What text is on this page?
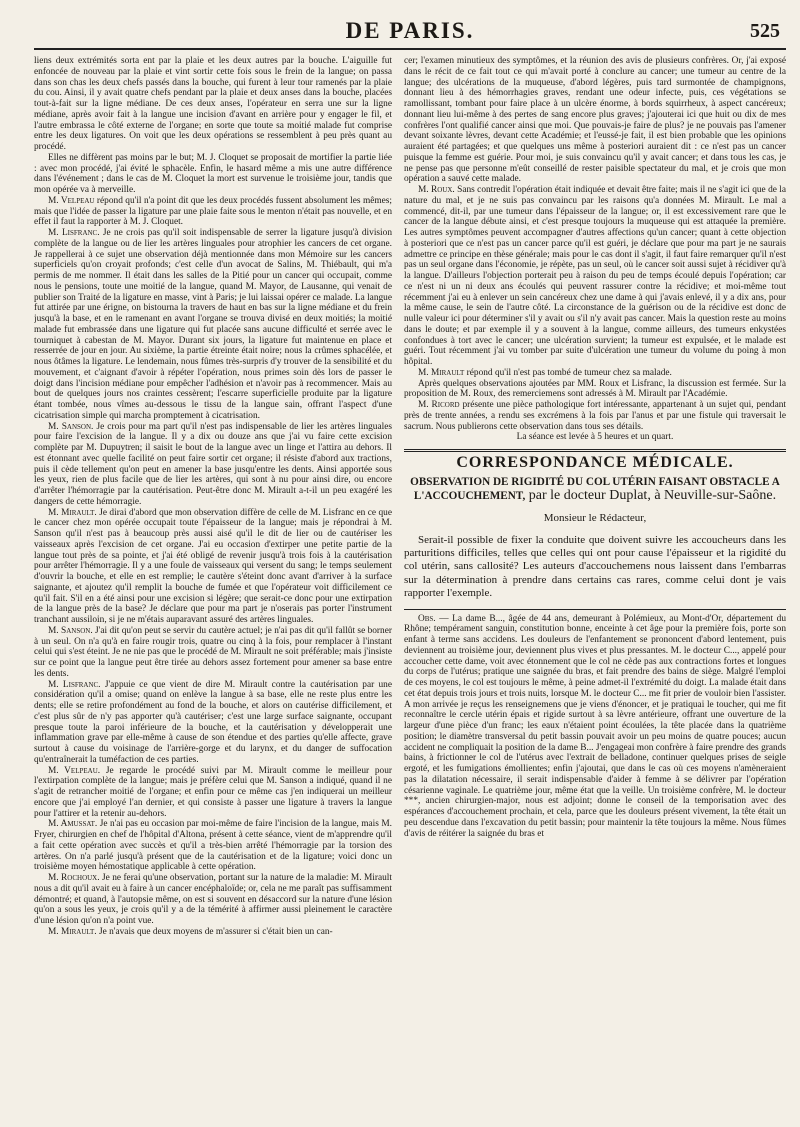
DE PARIS.	525

liens deux extrémités sorta ent par la plaie et les deux autres par la bouche. L'aiguille fut enfoncée de nouveau par la plaie et vint sortir cette fois sous le frein de la langue; on passa dans son chas les deux chefs passés dans la bouche, qui furent à leur tour ramenés par la plaie du cou. Ainsi, il y avait quatre chefs pendant par la plaie et deux anses dans la bouche, placées tout-à-fait sur la ligne médiane. De ces deux anses, l'opérateur en serra une sur la ligne médiane, après avoir fait à la langue une incision d'avant en arrière pour y engager le fil, et l'autre embrassa le côté externe de l'organe; en sorte que toute sa moitié malade fut comprise entre les deux ligatures. On voit que les deux opérations se ressemblent à peu près quant au procédé.

Elles ne diffèrent pas moins par le but; M. J. Cloquet se proposait de mortifier la partie liée : avec mon procédé, j'ai évité le sphacèle. Enfin, le hasard même a mis une autre différence dans l'événement ; dans le cas de M. Cloquet la mort est survenue le troisième jour, tandis que mon opérée va à merveille.

M. Velpeau répond qu'il n'a point dit que les deux procédés fussent absolument les mêmes; mais que l'idée de passer la ligature par une plaie faite sous le menton n'était pas nouvelle, et en effet il faut la rapporter à M. J. Cloquet.

M. Lisfranc. Je ne crois pas qu'il soit indispensable de serrer la ligature jusqu'à division complète de la langue ou de lier les artères linguales pour atrophier les cancers de cet organe. Je rappellerai à ce sujet une observation déjà mentionnée dans mon Mémoire sur les cancers superficiels qu'on croyait profonds; c'est celle d'un avocat de Salins, M. Thiébault, qui m'a permis de me nommer. Il était dans les salles de la Pitié pour un cancer qui occupait, comme nous le pensions, toute une moitié de la langue, quand M. Mayor, de Lausanne, qui venait de publier son Traité de la ligature en masse, vint à Paris; je lui laissai opérer ce malade. La langue fut attirée par une érigne, on bistourna la travers de haut en bas sur la ligne médiane et du frein jusqu'à la base, et en le ramenant en avant l'organe se trouva divisé en deux moitiés; la moitié malade fut embrassée dans une ligature qui fut placée sans aucune difficulté et serrée avec le tourniquet à cabestan de M. Mayor. Durant six jours, la ligature fut maintenue en place et resserrée de jour en jour. Au sixième, la partie étreinte était noire; nous la crûmes sphacélée, et nous ôtâmes la ligature. Le lendemain, nous fûmes très-surpris d'y trouver de la sensibilité et du mouvement, et c'aignant d'avoir à répéter l'opération, nous primes soin dès lors de passer le doigt dans l'incision médiane pour empêcher l'adhésion et n'avoir pas à recommencer. Mais au bout de quelques jours nos craintes cessèrent; l'escarre superficielle produite par la ligature étant tombée, nous vîmes au-dessous le tissu de la langue sain, offrant l'aspect d'une cicatrisation simple qui marcha promptement à cicatrisation.

M. Sanson. Je crois pour ma part qu'il n'est pas indispensable de lier les artères linguales pour faire l'excision de la langue. Il y a dix ou douze ans que j'ai vu faire cette excision complète par M. Dupuytren; il saisit le bout de la langue avec un linge et l'attira au dehors. Il est étonnant avec quelle facilité on peut faire sortir cet organe; il résiste d'abord aux tractions, puis il cède tellement qu'on peut en amener la base jusqu'entre les dents. Ainsi apportée sous les yeux, rien de plus facile que de lier les artères, qui sont à nu pour ainsi dire, ou encore d'arrêter l'hémorragie par la cautérisation. Peut-être donc M. Mirault a-t-il un peu exagéré les dangers de cette hémorragie.

M. Mirault. Je dirai d'abord que mon observation diffère de celle de M. Lisfranc en ce que le cancer chez mon opérée occupait toute l'épaisseur de la langue; mais je répondrai à M. Sanson qu'il n'est pas à beaucoup près aussi aisé qu'il le dit de lier ou de cautériser les vaisseaux après l'excision de cet organe. J'ai eu occasion d'extirper une petite partie de la langue tout près de sa pointe, et j'ai été obligé de revenir jusqu'à trois fois à la cautérisation pour arrêter l'hémorragie. Il y a une foule de vaisseaux qui versent du sang; le temps seulement d'ouvrir la bouche, et elle en est remplie; le cautère s'éteint donc avant d'arriver à la surface saignante, et ajoutez qu'il remplit la bouche de fumée et que l'opérateur voit difficilement ce qu'il fait. S'il en a été ainsi pour une excision si légère; que serait-ce donc pour une extirpation de la langue près de la base? Je déclare que pour ma part je n'oserais pas porter l'instrument tranchant aussiloin, si je ne m'étais auparavant assuré des artères linguales.

M. Sanson. J'ai dit qu'on peut se servir du cautère actuel; je n'ai pas dit qu'il fallût se borner à un seul. On n'a qu'à en faire rougir trois, quatre ou cinq à la fois, pour remplacer à l'instant celui qui s'est éteint. Je ne nie pas que le procédé de M. Mirault ne soit préférable; mais j'insiste sur ce point que la langue peut être tirée au dehors assez fortement pour amener sa base entre les dents.

M. Lisfranc. J'appuie ce que vient de dire M. Mirault contre la cautérisation par une considération qu'il a omise; quand on enlève la langue à sa base, elle ne reste plus entre les dents; elle se retire profondément au fond de la bouche, et alors on cautérise difficilement, et c'est plus sûr de n'y pas apporter qu'à cautériser; c'est une large surface saignante, occupant presque toute la paroi inférieure de la bouche, et la cautérisation y développerait une inflammation grave par elle-même à cause de son étendue et des parties qu'elle affecte, grave surtout à cause du voisinage de l'arrière-gorge et du larynx, et du danger de suffocation qu'entraînerait la tuméfaction de ces parties.

M. Velpeau. Je regarde le procédé suivi par M. Mirault comme le meilleur pour l'extirpation complète de la langue; mais je préfère celui que M. Sanson a indiqué, quand il ne s'agit de retrancher moitié de l'organe; et enfin pour ce même cas j'en indiquerai un meilleur encore que j'ai employé l'an dernier, et qui consiste à passer une ligature à travers la langue pour l'attirer et la retenir au-dehors.

M. Amussat. Je n'ai pas eu occasion par moi-même de faire l'incision de la langue, mais M. Fryer, chirurgien en chef de l'hôpital d'Altona, présent à cette séance, vient de m'apprendre qu'il a fait cette opération avec succès et qu'il a très-bien arrêté l'hémorragie par la torsion des artères. On n'a parlé jusqu'à présent que de la cautérisation et de la ligature; voici donc un troisième moyen hémostatique applicable à cette opération.

M. Rochoux. Je ne ferai qu'une observation, portant sur la nature de la maladie: M. Mirault nous a dit qu'il avait eu à faire à un cancer encéphaloïde; or, cela ne me paraît pas suffisamment démontré; et quand, à l'autopsie même, on est si souvent en désaccord sur la nature d'une lésion qu'on a sous les yeux, je crois qu'il y a de la témérité à affirmer aussi pleinement le caractère d'une lésion qu'on n'a point vue.

M. Mirault. Je n'avais que deux moyens de m'assurer si c'était bien un can-

cer; l'examen minutieux des symptômes, et la réunion des avis de plusieurs confrères. Or, j'ai exposé dans le récit de ce fait tout ce qui m'avait porté à conclure au cancer; une tumeur au centre de la langue; des ulcérations de la muqueuse, d'abord légères, puis tard surmontée de champignons, donnant lieu à des hémorrhagies graves, rendant une odeur infecte, puis, ces végétations se ramollissant, tombant pour faire place à un ulcère énorme, à bords squirrheux, à aspect cancéreux; donnant lieu lui-même à des pertes de sang encore plus graves; j'ajouterai ici que huit ou dix de mes confrères l'ont qualifié cancer ainsi que moi. Que pouvais-je faire de plus? je ne pouvais pas l'amener devant soixante lèvres, devant cette Académie; et l'eussé-je fait, il est bien probable que les opinions auraient été partagées; et que quelques uns même à posteriori auraient dit : ce n'est pas un cancer puisque la femme est guérie. Pour moi, je suis convaincu qu'il y avait cancer; et dans tous les cas, je ne pense pas que personne m'eût conseillé de rester paisible spectateur du mal, et je crois que mon opération a sauvé cette malade.

M. Roux. Sans contredit l'opération était indiquée et devait être faite; mais il ne s'agit ici que de la nature du mal, et je ne suis pas convaincu par les raisons qu'a données M. Mirault. Le mal a commencé, dit-il, par une tumeur dans l'épaisseur de la langue; or, il est excessivement rare que le cancer de la langue débute ainsi, et c'est presque toujours la muqueuse qui est attaquée la première. Les autres symptômes peuvent accompagner d'autres affections qu'un cancer; quant à cette objection à posteriori que ce n'est pas un cancer parce qu'il est guéri, je déclare que pour ma part je ne saurais admettre ce principe en thèse générale; mais pour le cas dont il s'agit, il faut faire remarquer qu'il n'est pas un seul organe dans l'économie, je répète, pas un seul, où le cancer soit aussi sujet à récidiver qu'à la langue. D'ailleurs l'objection porterait peu à raison du peu de temps écoulé depuis l'opération; car ce n'est ni un ni deux ans écoulés qui peuvent rassurer contre la récidive; et moi-même tout récemment j'ai eu à enlever un sein cancéreux chez une dame à qui j'avais enlevé, il y a dix ans, pour la même cause, le sein de l'autre côté. La circonstance de la guérison ou de la récidive est donc de nulle valeur ici pour déterminer s'il y avait ou s'il n'y avait pas cancer. Mais la question reste au moins dans le doute; et par exemple il y a souvent à la langue, comme ailleurs, des tumeurs enkystées confondues à tort avec le cancer; une ulcération survient; la tumeur est expulsée, et le malade est guéri. Tout récemment j'ai vu tomber par suite d'ulcération une tumeur du volume du poing à mon hôpital.

M. Mirault répond qu'il n'est pas tombé de tumeur chez sa malade.

Après quelques observations ajoutées par MM. Roux et Lisfranc, la discussion est fermée. Sur la proposition de M. Roux, des remerciemens sont adressés à M. Mirault par l'Académie.

M. Ricord présente une pièce pathologique fort intéressante, appartenant à un sujet qui, pendant près de trente années, a rendu ses excrémens à la fois par l'anus et par une fistule qui traversait le sacrum. Nous publierons cette observation dans tous ses détails.

La séance est levée à 5 heures et un quart.

CORRESPONDANCE MÉDICALE.
OBSERVATION DE RIGIDITÉ DU COL UTÉRIN FAISANT OBSTACLE A L'ACCOUCHEMENT, par le docteur Duplat, à Neuville-sur-Saône.
Monsieur le Rédacteur,

Serait-il possible de fixer la conduite que doivent suivre les accoucheurs dans les parturitions difficiles, telles que celles qui ont pour cause l'épaisseur et la rigidité du col utérin, sans callosité? Les auteurs d'accouchemens nous laissent dans l'embarras sur la détermination à prendre dans certains cas rares, comme celui dont je vais rapporter l'exemple.

Obs. — La dame B..., âgée de 44 ans, demeurant à Polémieux, au Mont-d'Or, département du Rhône; tempérament sanguin, constitution bonne, enceinte à cet âge pour la première fois, porte son enfant à terme sans accidens. Les douleurs de l'enfantement se prononcent d'abord lentement, puis deviennent au troisième jour, deviennent plus vives et plus pressantes. M. le docteur C..., appelé pour accoucher cette dame, voit avec étonnement que le col ne cède pas aux contractions fortes et longues du corps de l'utérus; pratique une saignée du bras, et fait prendre des bains de siège. Malgré l'emploi de ces moyens, le col est toujours le même, à peine admet-il l'extrémité du doigt. La malade était dans cet état depuis trois jours et trois nuits, lorsque M. le docteur C... me fit prier de vouloir bien l'assister. A mon arrivée je reçus les renseignemens que je viens d'énoncer, et je pratiquai le toucher, qui me fit reconnaître le cercle utérin épais et rigide surtout à sa lèvre antérieure, offrant une ouverture de la largeur d'une pièce d'un franc; les eaux n'étaient point écoulées, la tête placée dans la quatrième position; le diamètre transversal du petit bassin pouvait avoir un peu moins de quatre pouces; aucun accident ne compliquait la position de la dame B... J'engageai mon confrère à faire prendre des grands bains, à frictionner le col de l'utérus avec l'extrait de belladone, continuer quelques prises de seigle ergoté, et les fumigations émollientes; enfin j'ajoutai, que dans le cas où ces moyens n'amèneraient pas la dilatation nécessaire, il serait indispensable d'aider à femme à se délivrer par l'opération césarienne vaginale. Le quatrième jour, même état que la veille. Un troisième confrère, M. le docteur ***, ancien chirurgien-major, nous est adjoint; donne le conseil de la temporisation avec des espérances d'accouchement prochain, et cela, parce que les douleurs présent vivement, la tête était un peu descendue dans l'excavation du petit bassin; pour maintenir la tête toujours la même. Nous fûmes d'avis de réitérer la saignée du bras et
